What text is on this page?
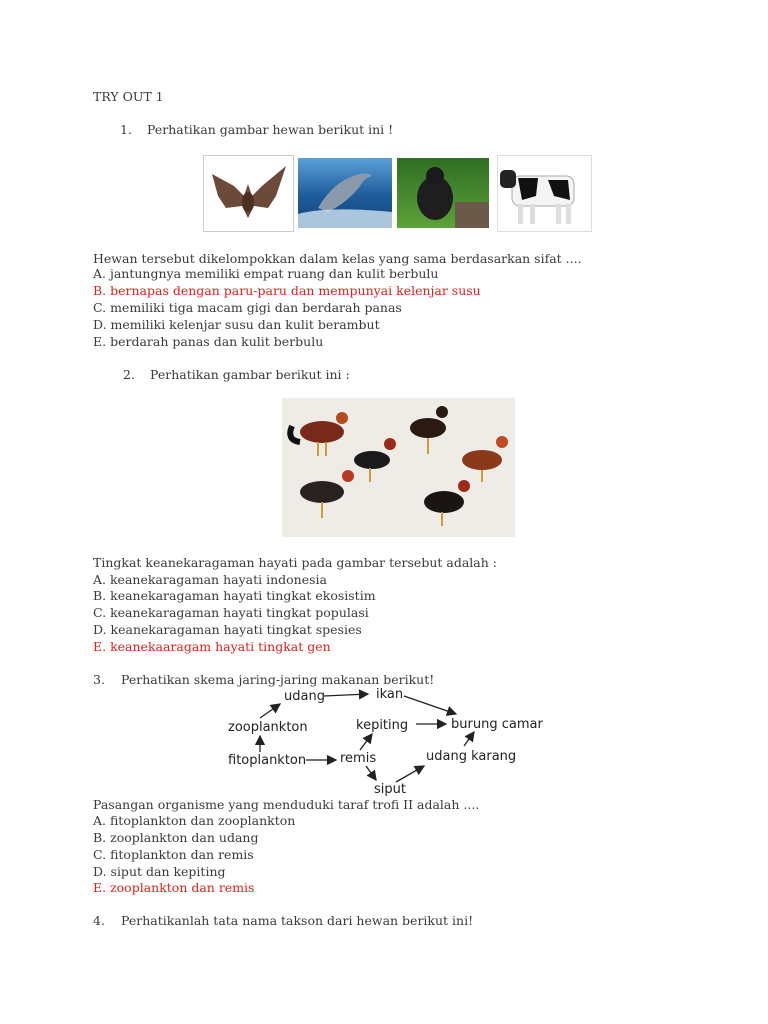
TRY OUT 1
1. Perhatikan gambar hewan berikut ini !
Hewan tersebut dikelompokkan dalam kelas yang sama berdasarkan sifat ....
A. jantungnya memiliki empat ruang dan kulit berbulu
B. bernapas dengan paru-paru dan mempunyai kelenjar susu
C. memiliki tiga macam gigi dan berdarah panas
D. memiliki kelenjar susu dan kulit berambut
E. berdarah panas dan kulit berbulu
2. Perhatikan gambar berikut ini :
Tingkat keanekaragaman hayati pada gambar tersebut adalah :
A. keanekaragaman hayati indonesia
B. keanekaragaman hayati tingkat ekosistim
C. keanekaragaman hayati tingkat populasi
D. keanekaragaman hayati tingkat spesies
E. keanekaaragam hayati tingkat gen
3. Perhatikan skema jaring-jaring makanan berikut!
udang	ikan
zooplankton	kepiting	burung camar
fitoplankton	remis	udang karang
siput
Pasangan organisme yang menduduki taraf trofi II adalah ....
A. fitoplankton dan zooplankton
B. zooplankton dan udang
C. fitoplankton dan remis
D. siput dan kepiting
E. zooplankton dan remis
4. Perhatikanlah tata nama takson dari hewan berikut ini!
